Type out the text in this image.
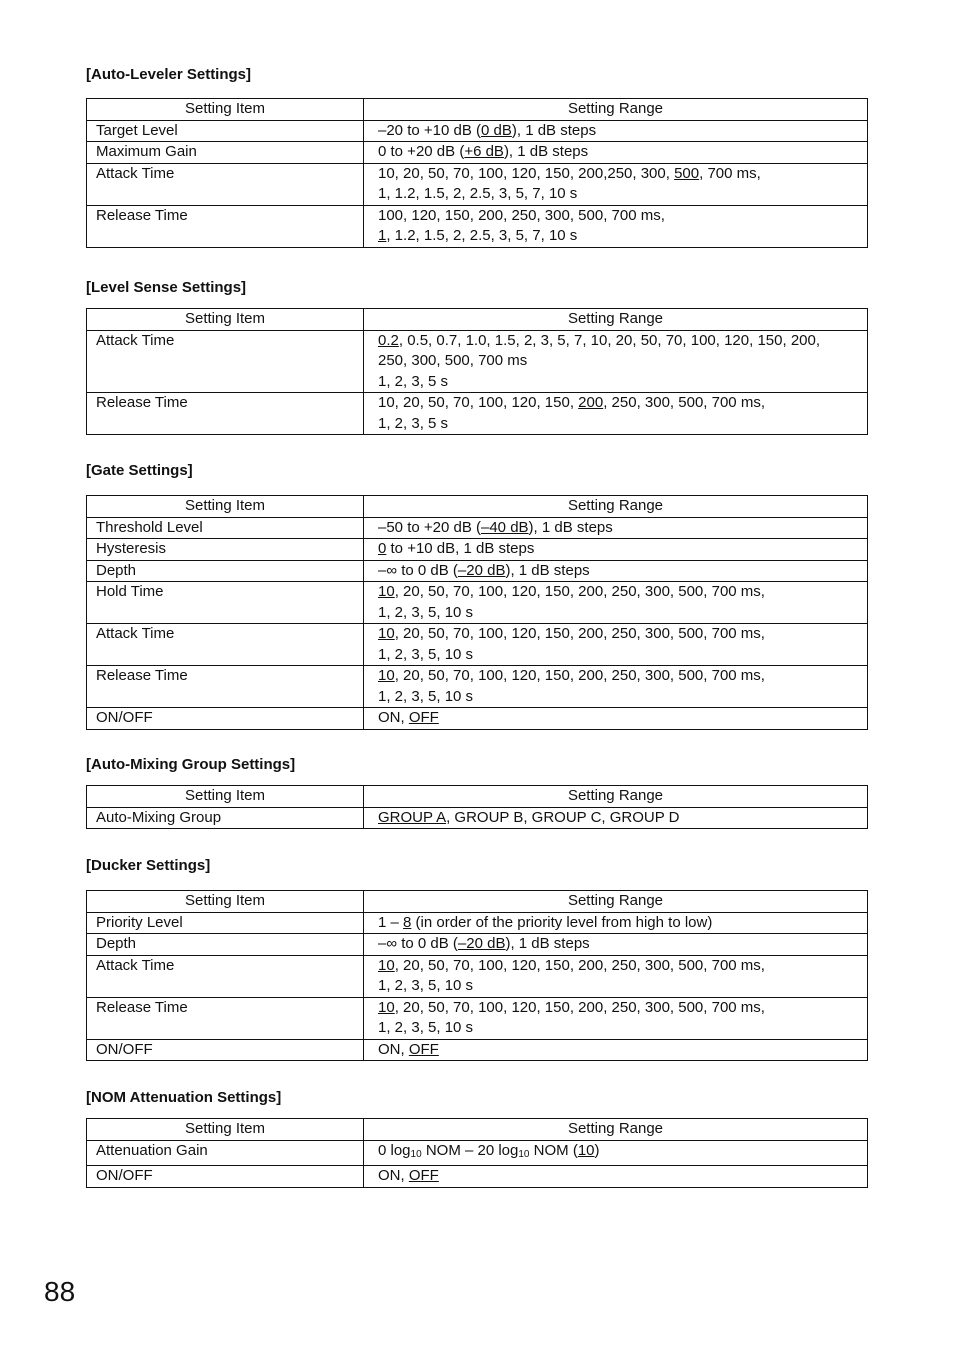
[Auto-Leveler Settings]
Setting Item	Setting Range
Target Level	–20 to +10 dB (0 dB), 1 dB steps

Maximum Gain	0 to +20 dB (+6 dB), 1 dB steps

Attack Time	10, 20, 50, 70, 100, 120, 150, 200,250, 300, 500, 700 ms,
1, 1.2, 1.5, 2, 2.5, 3, 5, 7, 10 s

Release Time	100, 120, 150, 200, 250, 300, 500, 700 ms,
1, 1.2, 1.5, 2, 2.5, 3, 5, 7, 10 s
[Level Sense Settings]
Setting Item	Setting Range
Attack Time	0.2, 0.5, 0.7, 1.0, 1.5, 2, 3, 5, 7, 10, 20, 50, 70, 100, 120, 150, 200,
250, 300, 500, 700 ms
1, 2, 3, 5 s

Release Time	10, 20, 50, 70, 100, 120, 150, 200, 250, 300, 500, 700 ms,
1, 2, 3, 5 s
[Gate Settings]
Setting Item	Setting Range
Threshold Level	–50 to +20 dB (–40 dB), 1 dB steps

Hysteresis	0 to +10 dB, 1 dB steps

Depth	–∞ to 0 dB (–20 dB), 1 dB steps

Hold Time	10, 20, 50, 70, 100, 120, 150, 200, 250, 300, 500, 700 ms,
1, 2, 3, 5, 10 s

Attack Time	10, 20, 50, 70, 100, 120, 150, 200, 250, 300, 500, 700 ms,
1, 2, 3, 5, 10 s

Release Time	10, 20, 50, 70, 100, 120, 150, 200, 250, 300, 500, 700 ms,
1, 2, 3, 5, 10 s

ON/OFF	ON, OFF
[Auto-Mixing Group Settings]
Setting Item	Setting Range
Auto-Mixing Group	GROUP A, GROUP B, GROUP C, GROUP D
[Ducker Settings]
Setting Item	Setting Range
Priority Level	1 – 8 (in order of the priority level from high to low)

Depth	–∞ to 0 dB (–20 dB), 1 dB steps

Attack Time	10, 20, 50, 70, 100, 120, 150, 200, 250, 300, 500, 700 ms,
1, 2, 3, 5, 10 s

Release Time	10, 20, 50, 70, 100, 120, 150, 200, 250, 300, 500, 700 ms,
1, 2, 3, 5, 10 s

ON/OFF	ON, OFF
[NOM Attenuation Settings]
Setting Item	Setting Range
Attenuation Gain	0 $\log_{10}$ NOM – 20 $\log_{10}$ NOM (10)

ON/OFF	ON, OFF
88
